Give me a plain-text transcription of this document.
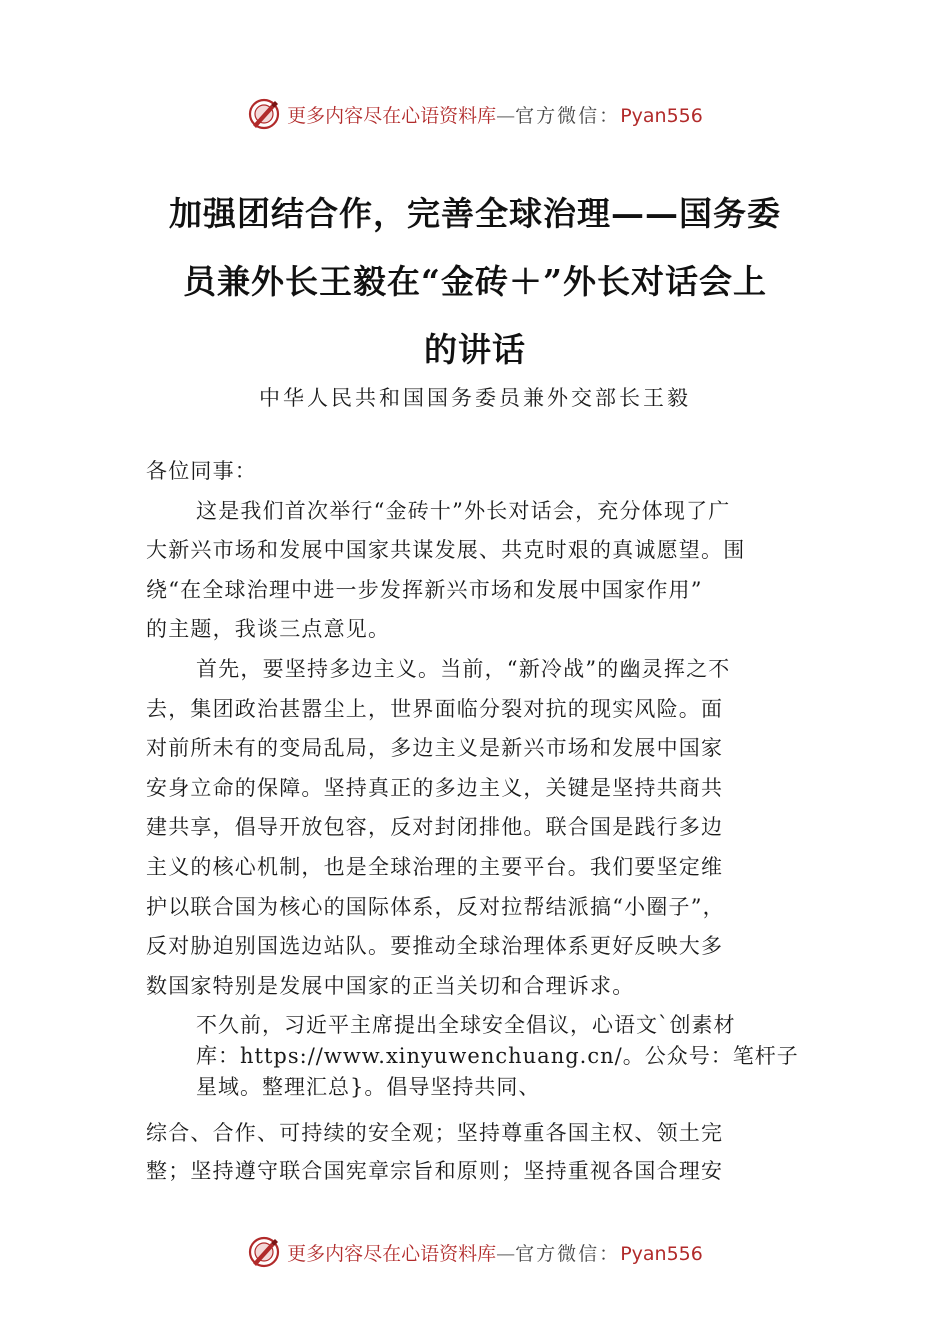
更多内容尽在心语资料库—官方微信：Pyan556
加强团结合作，完善全球治理——国务委
员兼外长王毅在“金砖＋”外长对话会上
的讲话
中华人民共和国国务委员兼外交部长王毅
各位同事：
这是我们首次举行“金砖十”外长对话会，充分体现了广
大新兴市场和发展中国家共谋发展、共克时艰的真诚愿望。围
绕“在全球治理中进一步发挥新兴市场和发展中国家作用”
的主题，我谈三点意见。
首先，要坚持多边主义。当前，“新冷战”的幽灵挥之不
去，集团政治甚嚣尘上，世界面临分裂对抗的现实风险。面
对前所未有的变局乱局，多边主义是新兴市场和发展中国家
安身立命的保障。坚持真正的多边主义，关键是坚持共商共
建共享，倡导开放包容，反对封闭排他。联合国是践行多边
主义的核心机制，也是全球治理的主要平台。我们要坚定维
护以联合国为核心的国际体系，反对拉帮结派搞“小圈子”，
反对胁迫别国选边站队。要推动全球治理体系更好反映大多
数国家特别是发展中国家的正当关切和合理诉求。
不久前，习近平主席提出全球安全倡议，心语文`创素材
库：https://www.xinyuwenchuang.cn/。公众号：笔杆子
星域。整理汇总}。倡导坚持共同、
综合、合作、可持续的安全观；坚持尊重各国主权、领土完
整；坚持遵守联合国宪章宗旨和原则；坚持重视各国合理安
更多内容尽在心语资料库—官方微信：Pyan556
